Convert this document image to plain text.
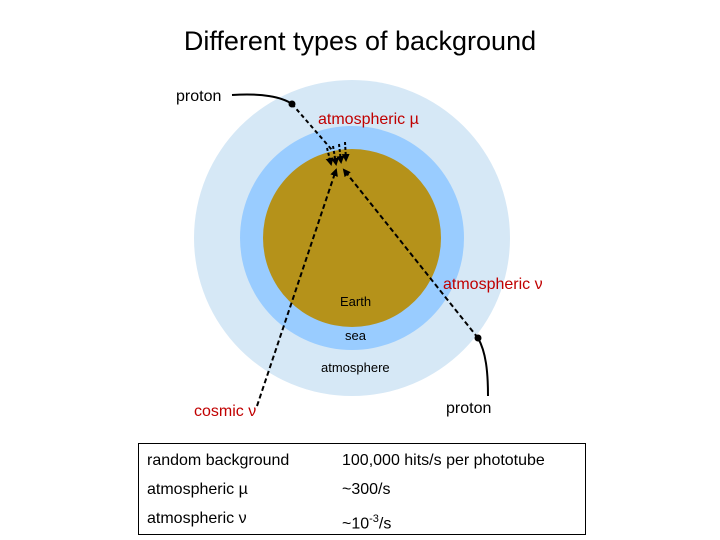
Different types of background
proton
atmospheric µ
atmospheric ν
Earth
sea
atmosphere
cosmic ν	proton
random background	100,000 hits/s per phototube
atmospheric µ	~300/s
atmospheric ν	$\sim 10^{-3}/s$
